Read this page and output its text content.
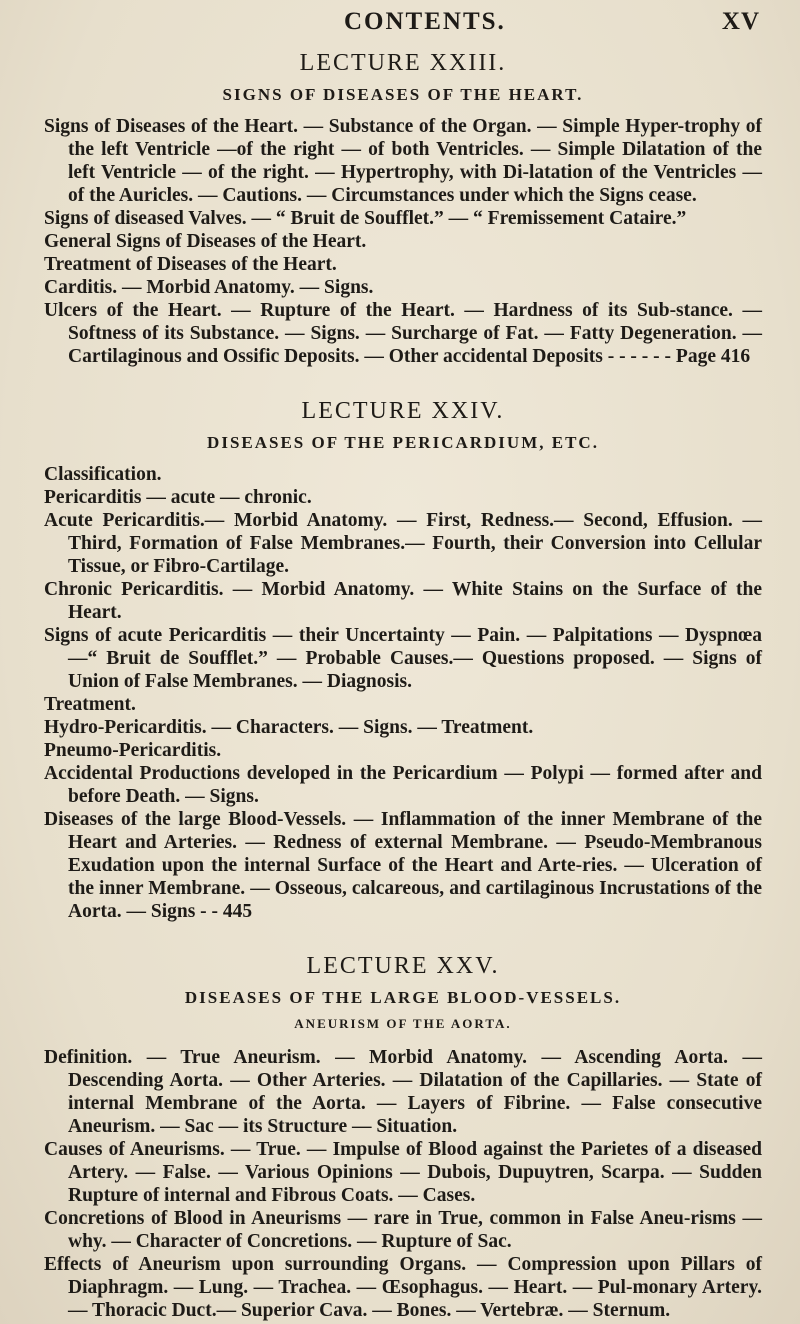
CONTENTS.	XV
LECTURE XXIII.
SIGNS OF DISEASES OF THE HEART.

Signs of Diseases of the Heart. — Substance of the Organ. — Simple Hyper-trophy of the left Ventricle —of the right — of both Ventricles. — Simple Dilatation of the left Ventricle — of the right. — Hypertrophy, with Di-latation of the Ventricles — of the Auricles. — Cautions. — Circumstances under which the Signs cease.

Signs of diseased Valves. — “ Bruit de Soufflet.” — “ Fremissement Cataire.”

General Signs of Diseases of the Heart.

Treatment of Diseases of the Heart.

Carditis. — Morbid Anatomy. — Signs.

Ulcers of the Heart. — Rupture of the Heart. — Hardness of its Sub-stance. — Softness of its Substance. — Signs. — Surcharge of Fat. — Fatty Degeneration. — Cartilaginous and Ossific Deposits. — Other accidental Deposits - - - - - - Page 416

LECTURE XXIV.
DISEASES OF THE PERICARDIUM, ETC.

Classification.

Pericarditis — acute — chronic.

Acute Pericarditis.— Morbid Anatomy. — First, Redness.— Second, Effusion. — Third, Formation of False Membranes.— Fourth, their Conversion into Cellular Tissue, or Fibro-Cartilage.

Chronic Pericarditis. — Morbid Anatomy. — White Stains on the Surface of the Heart.

Signs of acute Pericarditis — their Uncertainty — Pain. — Palpitations — Dyspnœa —“ Bruit de Soufflet.” — Probable Causes.— Questions proposed. — Signs of Union of False Membranes. — Diagnosis.

Treatment.

Hydro-Pericarditis. — Characters. — Signs. — Treatment.

Pneumo-Pericarditis.

Accidental Productions developed in the Pericardium — Polypi — formed after and before Death. — Signs.

Diseases of the large Blood-Vessels. — Inflammation of the inner Membrane of the Heart and Arteries. — Redness of external Membrane. — Pseudo-Membranous Exudation upon the internal Surface of the Heart and Arte-ries. — Ulceration of the inner Membrane. — Osseous, calcareous, and cartilaginous Incrustations of the Aorta. — Signs - - 445

LECTURE XXV.
DISEASES OF THE LARGE BLOOD-VESSELS.
ANEURISM OF THE AORTA.

Definition. — True Aneurism. — Morbid Anatomy. — Ascending Aorta. — Descending Aorta. — Other Arteries. — Dilatation of the Capillaries. — State of internal Membrane of the Aorta. — Layers of Fibrine. — False consecutive Aneurism. — Sac — its Structure — Situation.

Causes of Aneurisms. — True. — Impulse of Blood against the Parietes of a diseased Artery. — False. — Various Opinions — Dubois, Dupuytren, Scarpa. — Sudden Rupture of internal and Fibrous Coats. — Cases.

Concretions of Blood in Aneurisms — rare in True, common in False Aneu-risms — why. — Character of Concretions. — Rupture of Sac.

Effects of Aneurism upon surrounding Organs. — Compression upon Pillars of Diaphragm. — Lung. — Trachea. — Œsophagus. — Heart. — Pul-monary Artery. — Thoracic Duct.— Superior Cava. — Bones. — Vertebræ. — Sternum.
